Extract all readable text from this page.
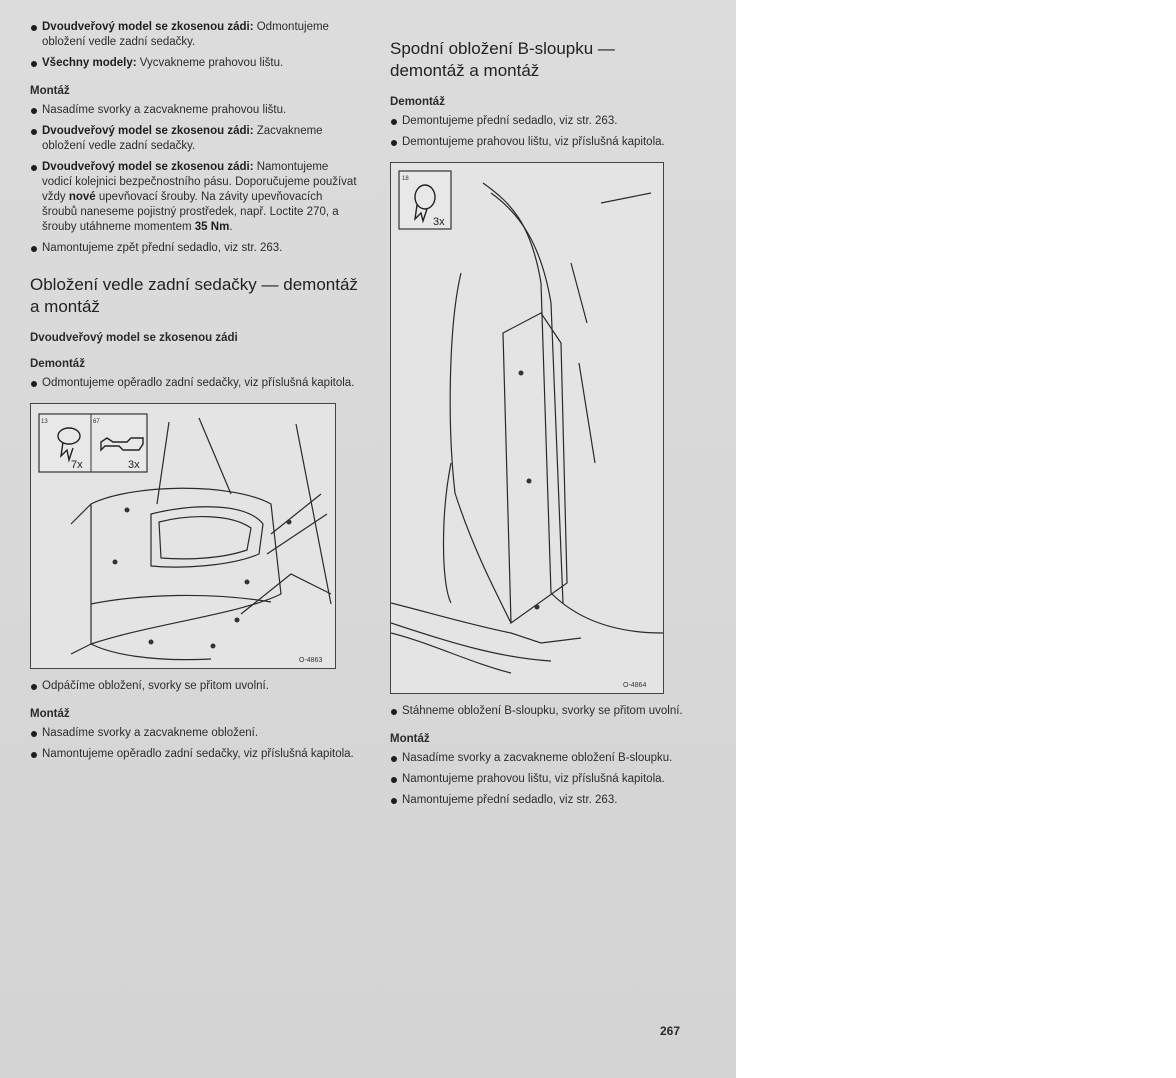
Dvoudveřový model se zkosenou zádi: Odmontujeme obložení vedle zadní sedačky.
Všechny modely: Vycvakneme prahovou lištu.
Montáž
Nasadíme svorky a zacvakneme prahovou lištu.
Dvoudveřový model se zkosenou zádi: Zacvakneme obložení vedle zadní sedačky.
Dvoudveřový model se zkosenou zádi: Namontujeme vodicí kolejnici bezpečnostního pásu. Doporučujeme používat vždy nové upevňovací šrouby. Na závity upevňovacích šroubů naneseme pojistný prostředek, např. Loctite 270, a šrouby utáhneme momentem 35 Nm.
Namontujeme zpět přední sedadlo, viz str. 263.
Obložení vedle zadní sedačky — demontáž a montáž
Dvoudveřový model se zkosenou zádi
Demontáž
Odmontujeme opěradlo zadní sedačky, viz příslušná kapitola.
13	67
7x	3x
O-4863
Odpáčíme obložení, svorky se přitom uvolní.
Montáž
Nasadíme svorky a zacvakneme obložení.
Namontujeme opěradlo zadní sedačky, viz příslušná kapitola.
Spodní obložení B-sloupku — demontáž a montáž
Demontáž
Demontujeme přední sedadlo, viz str. 263.
Demontujeme prahovou lištu, viz příslušná kapitola.
18
3x
O-4864
Stáhneme obložení B-sloupku, svorky se přitom uvolní.
Montáž
Nasadíme svorky a zacvakneme obložení B-sloupku.
Namontujeme prahovou lištu, viz příslušná kapitola.
Namontujeme přední sedadlo, viz str. 263.
267
